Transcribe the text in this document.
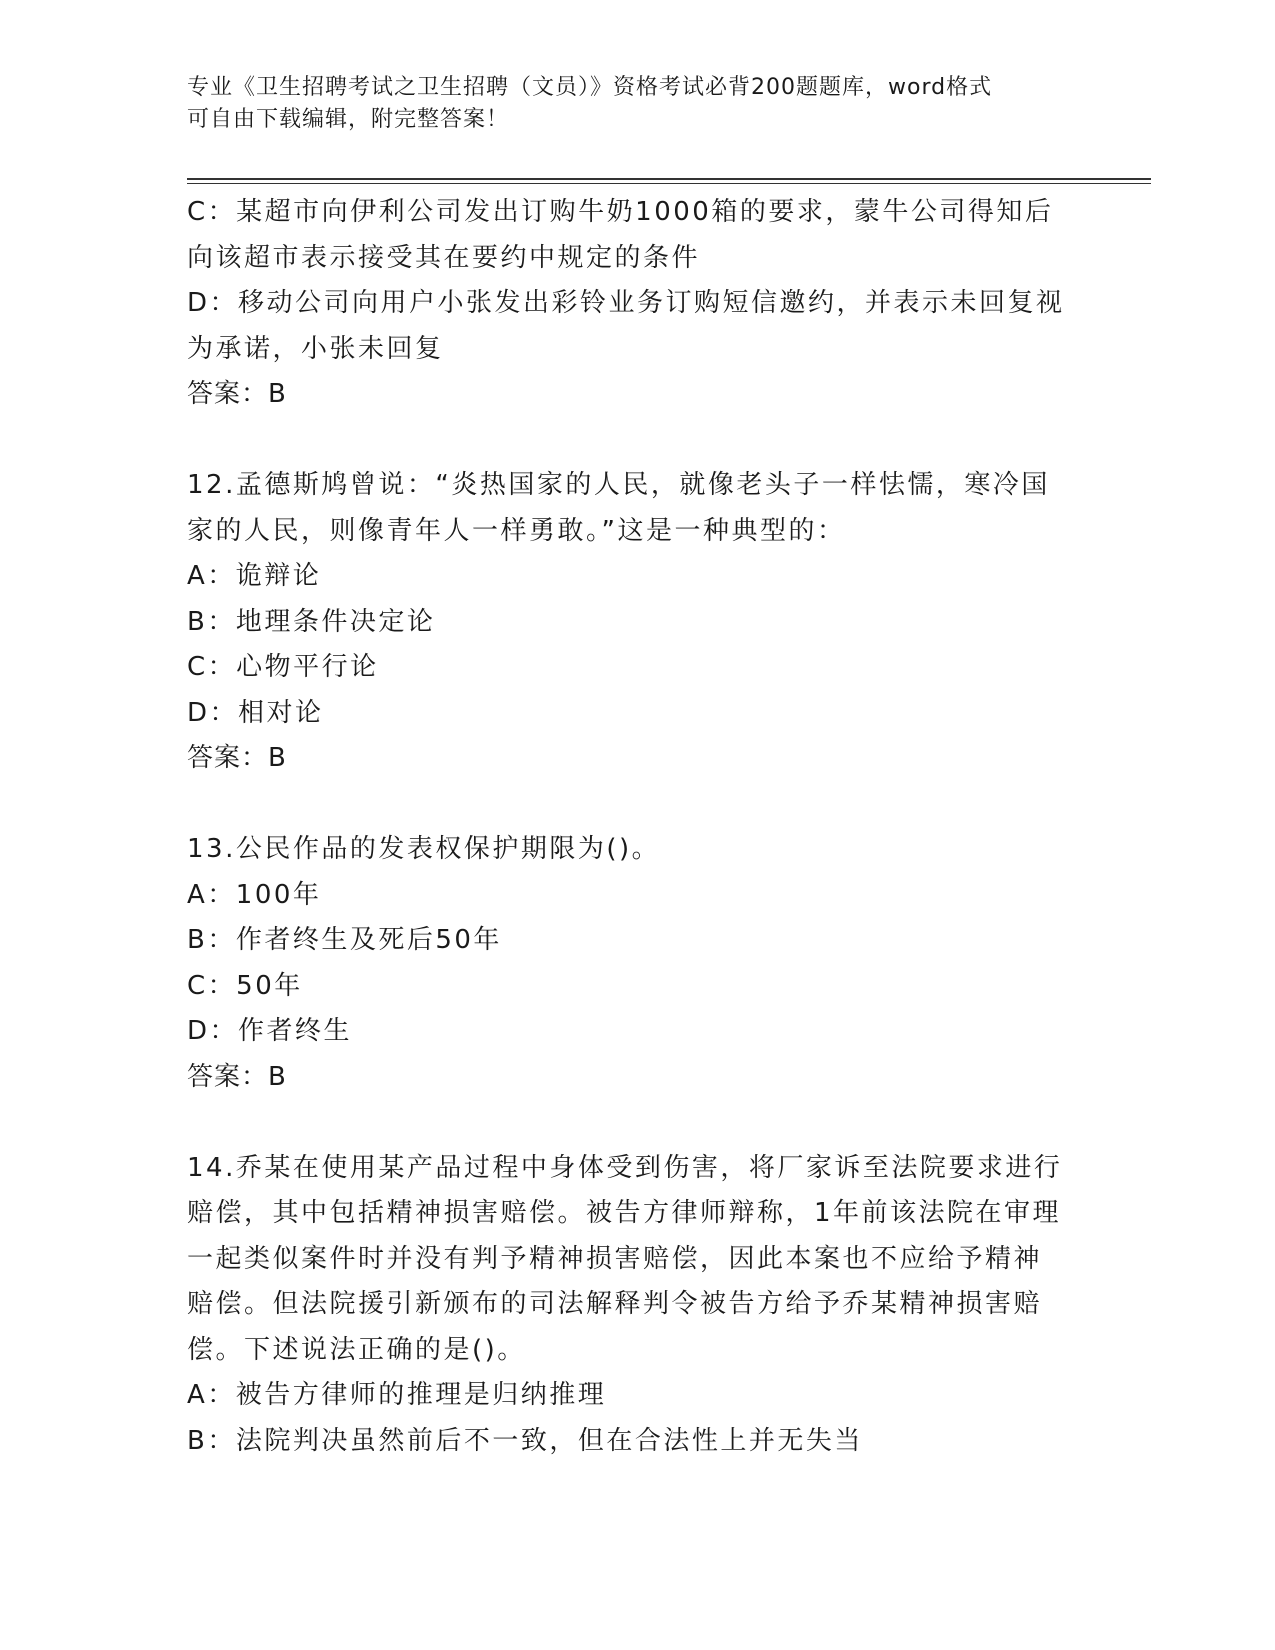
专业《卫生招聘考试之卫生招聘（文员）》资格考试必背200题题库，word格式
可自由下载编辑，附完整答案！

C：某超市向伊利公司发出订购牛奶1000箱的要求，蒙牛公司得知后

向该超市表示接受其在要约中规定的条件

D：移动公司向用户小张发出彩铃业务订购短信邀约，并表示未回复视

为承诺，小张未回复

答案：B

12.孟德斯鸠曾说：“炎热国家的人民，就像老头子一样怯懦，寒冷国

家的人民，则像青年人一样勇敢。”这是一种典型的：

A：诡辩论

B：地理条件决定论

C：心物平行论

D：相对论

答案：B

13.公民作品的发表权保护期限为()。

A：100年

B：作者终生及死后50年

C：50年

D：作者终生

答案：B

14.乔某在使用某产品过程中身体受到伤害，将厂家诉至法院要求进行

赔偿，其中包括精神损害赔偿。被告方律师辩称，1年前该法院在审理

一起类似案件时并没有判予精神损害赔偿，因此本案也不应给予精神

赔偿。但法院援引新颁布的司法解释判令被告方给予乔某精神损害赔

偿。下述说法正确的是()。

A：被告方律师的推理是归纳推理

B：法院判决虽然前后不一致，但在合法性上并无失当
